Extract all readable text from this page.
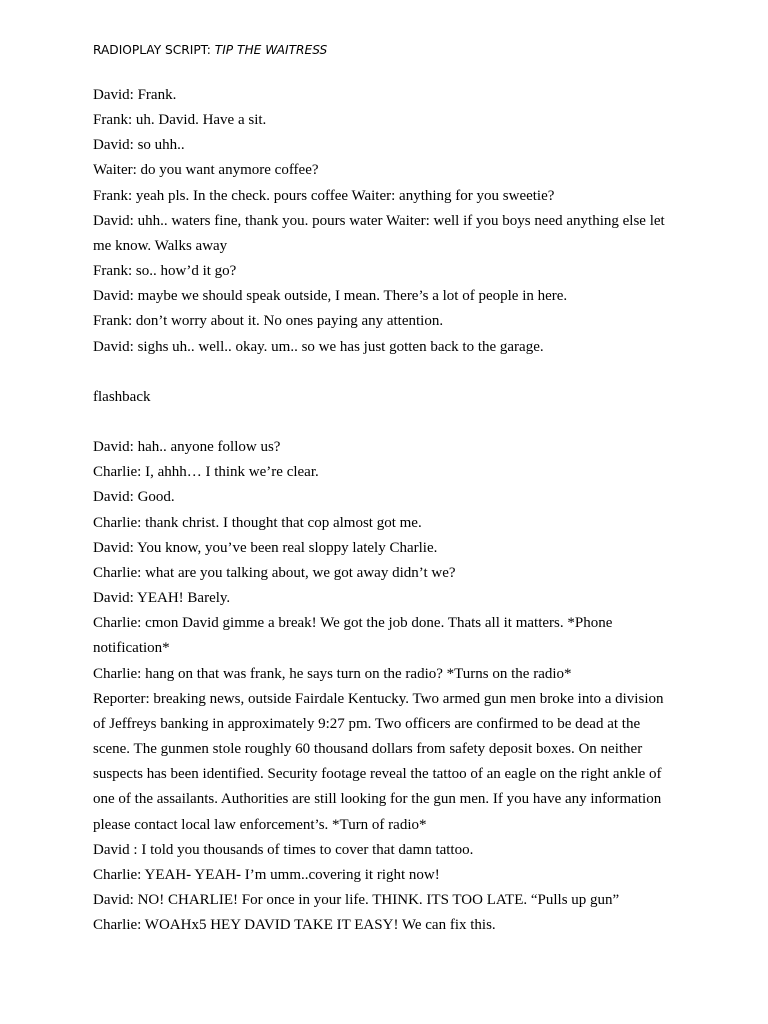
RADIOPLAY SCRIPT: TIP THE WAITRESS
David: Frank.
Frank: uh. David. Have a sit.
David: so uhh..
Waiter: do you want anymore coffee?
Frank: yeah pls. In the check. pours coffee Waiter: anything for you sweetie?
David: uhh.. waters fine, thank you. pours water Waiter: well if you boys need anything else let me know. Walks away
Frank: so.. how’d it go?
David: maybe we should speak outside, I mean. There’s a lot of people in here.
Frank: don’t worry about it. No ones paying any attention.
David: sighs uh.. well.. okay. um.. so we has just gotten back to the garage.
flashback
David: hah.. anyone follow us?
Charlie: I, ahhh… I think we’re clear.
David: Good.
Charlie: thank christ. I thought that cop almost got me.
David: You know, you’ve been real sloppy lately Charlie.
Charlie: what are you talking about, we got away didn’t we?
David: YEAH! Barely.
Charlie: cmon David gimme a break! We got the job done. Thats all it matters. *Phone notification*
Charlie: hang on that was frank, he says turn on the radio? *Turns on the radio*
Reporter: breaking news, outside Fairdale Kentucky. Two armed gun men broke into a division of Jeffreys banking in approximately 9:27 pm. Two officers are confirmed to be dead at the scene. The gunmen stole roughly 60 thousand dollars from safety deposit boxes. On neither suspects has been identified. Security footage reveal the tattoo of an eagle on the right ankle of one of the assailants. Authorities are still looking for the gun men. If you have any information please contact local law enforcement’s. *Turn of radio*
David : I told you thousands of times to cover that damn tattoo.
Charlie: YEAH- YEAH- I’m umm..covering it right now!
David: NO! CHARLIE! For once in your life. THINK. ITS TOO LATE. “Pulls up gun”
Charlie: WOAHx5 HEY DAVID TAKE IT EASY! We can fix this.
